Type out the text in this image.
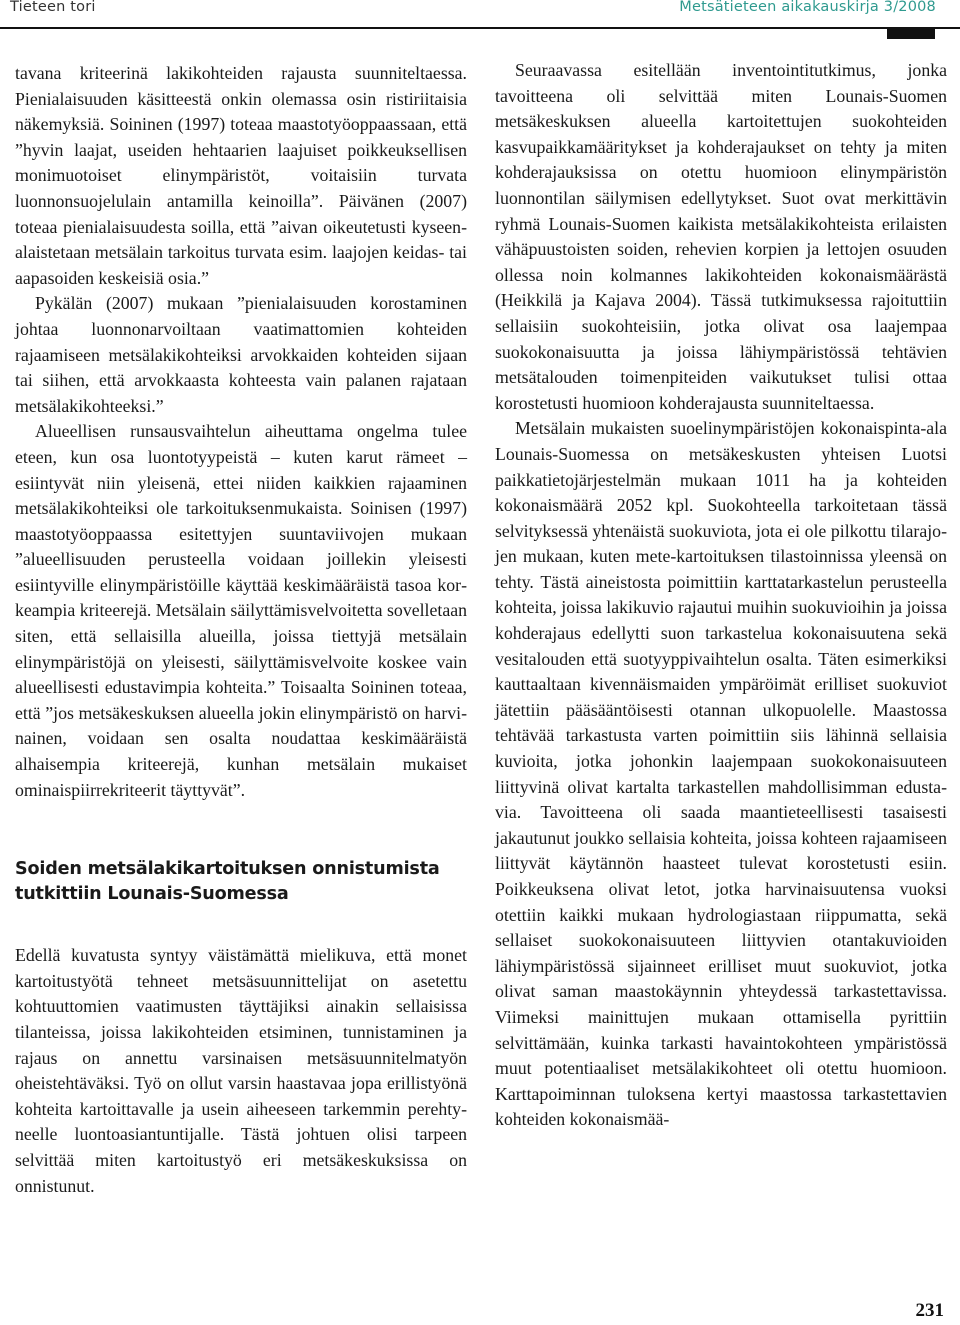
Tieteen tori	Metsätieteen aikakauskirja 3/2008

tavana kriteerinä lakikohteiden rajausta suunniteltaessa. Pienialaisuuden käsitteestä onkin olemassa osin ristiriitaisia näkemyksiä. Soininen (1997) toteaa maastotyöoppaassaan, että ”hyvin laajat, useiden hehtaarien laajuiset poikkeuksellisen monimuotoiset elinympäristöt, voitaisiin turvata luonnonsuojelulain antamilla keinoilla”. Päivänen (2007) toteaa pienialaisuudesta soilla, että ”aivan oikeutetusti kyseenalaistetaan metsälain tarkoitus turvata esim. laajojen keidas- tai aapasoiden keskeisiä osia.”

Pykälän (2007) mukaan ”pienialaisuuden korostaminen johtaa luonnonarvoiltaan vaatimattomien kohteiden rajaamiseen metsälakikohteiksi arvokkaiden kohteiden sijaan tai siihen, että arvokkaasta kohteesta vain palanen rajataan metsälakikohteeksi.”

Alueellisen runsausvaihtelun aiheuttama ongelma tulee eteen, kun osa luontotyypeistä – kuten karut rämeet – esiintyvät niin yleisenä, ettei niiden kaikkien rajaaminen metsälakikohteiksi ole tarkoituksenmukaista. Soinisen (1997) maastotyöoppaassa esitettyjen suuntaviivojen mukaan ”alueellisuuden perusteella voidaan joillekin yleisesti esiintyville elinympäristöille käyttää keskimääräistä tasoa korkeampia kriteerejä. Metsälain säilyttämisvelvoitetta sovelletaan siten, että sellaisilla alueilla, joissa tiettyjä metsälain elinympäristöjä on yleisesti, säilyttämisvelvoite koskee vain alueellisesti edustavimpia kohteita.” Toisaalta Soininen toteaa, että ”jos metsäkeskuksen alueella jokin elinympäristö on harvinainen, voidaan sen osalta noudattaa keskimääräistä alhaisempia kriteerejä, kunhan metsälain mukaiset ominaispiirrekriteerit täyttyvät”.

Soiden metsälakikartoituksen onnistumista tutkittiin Lounais-Suomessa

Edellä kuvatusta syntyy väistämättä mielikuva, että monet kartoitustyötä tehneet metsäsuunnittelijat on asetettu kohtuuttomien vaatimusten täyttäjiksi ainakin sellaisissa tilanteissa, joissa lakikohteiden etsiminen, tunnistaminen ja rajaus on annettu varsinaisen metsäsuunnitelmatyön oheistehtäväksi. Työ on ollut varsin haastavaa jopa erillistyönä kohteita kartoittavalle ja usein aiheeseen tarkemmin perehtyneelle luontoasiantuntijalle. Tästä johtuen olisi tarpeen selvittää miten kartoitustyö eri metsäkeskuksissa on onnistunut.

Seuraavassa esitellään inventointitutkimus, jonka tavoitteena oli selvittää miten Lounais-Suomen metsäkeskuksen alueella kartoitettujen suokohteiden kasvupaikkamääritykset ja kohderajaukset on tehty ja miten kohderajauksissa on otettu huomioon elinympäristön luonnontilan säilymisen edellytykset. Suot ovat merkittävin ryhmä Lounais-Suomen kaikista metsälakikohteista erilaisten vähäpuustoisten soiden, rehevien korpien ja lettojen osuuden ollessa noin kolmannes lakikohteiden kokonaismäärästä (Heikkilä ja Kajava 2004). Tässä tutkimuksessa rajoituttiin sellaisiin suokohteisiin, jotka olivat osa laajempaa suokokonaisuutta ja joissa lähiympäristössä tehtävien metsätalouden toimenpiteiden vaikutukset tulisi ottaa korostetusti huomioon kohderajausta suunniteltaessa.

Metsälain mukaisten suoelinympäristöjen kokonaispinta-ala Lounais-Suomessa on metsäkeskusten yhteisen Luotsi paikkatietojärjestelmän mukaan 1011 ha ja kohteiden kokonaismäärä 2052 kpl. Suokohteella tarkoitetaan tässä selvityksessä yhtenäistä suokuviota, jota ei ole pilkottu tilarajojen mukaan, kuten mete-kartoituksen tilastoinnissa yleensä on tehty. Tästä aineistosta poimittiin karttatarkastelun perusteella kohteita, joissa lakikuvio rajautui muihin suokuvioihin ja joissa kohderajaus edellytti suon tarkastelua kokonaisuutena sekä vesitalouden että suotyyppivaihtelun osalta. Täten esimerkiksi kauttaaltaan kivennäismaiden ympäröimät erilliset suokuviot jätettiin pääsääntöisesti otannan ulkopuolelle. Maastossa tehtävää tarkastusta varten poimittiin siis lähinnä sellaisia kuvioita, jotka johonkin laajempaan suokokonaisuuteen liittyvinä olivat kartalta tarkastellen mahdollisimman edustavia. Tavoitteena oli saada maantieteellisesti tasaisesti jakautunut joukko sellaisia kohteita, joissa kohteen rajaamiseen liittyvät käytännön haasteet tulevat korostetusti esiin. Poikkeuksena olivat letot, jotka harvinaisuutensa vuoksi otettiin kaikki mukaan hydrologiastaan riippumatta, sekä sellaiset suokokonaisuuteen liittyvien otantakuvioiden lähiympäristössä sijainneet erilliset muut suokuviot, jotka olivat saman maastokäynnin yhteydessä tarkastettavissa. Viimeksi mainittujen mukaan ottamisella pyrittiin selvittämään, kuinka tarkasti havaintokohteen ympäristössä muut potentiaaliset metsälakikohteet oli otettu huomioon. Karttapoiminnan tuloksena kertyi maastossa tarkastettavien kohteiden kokonaismää-

231
